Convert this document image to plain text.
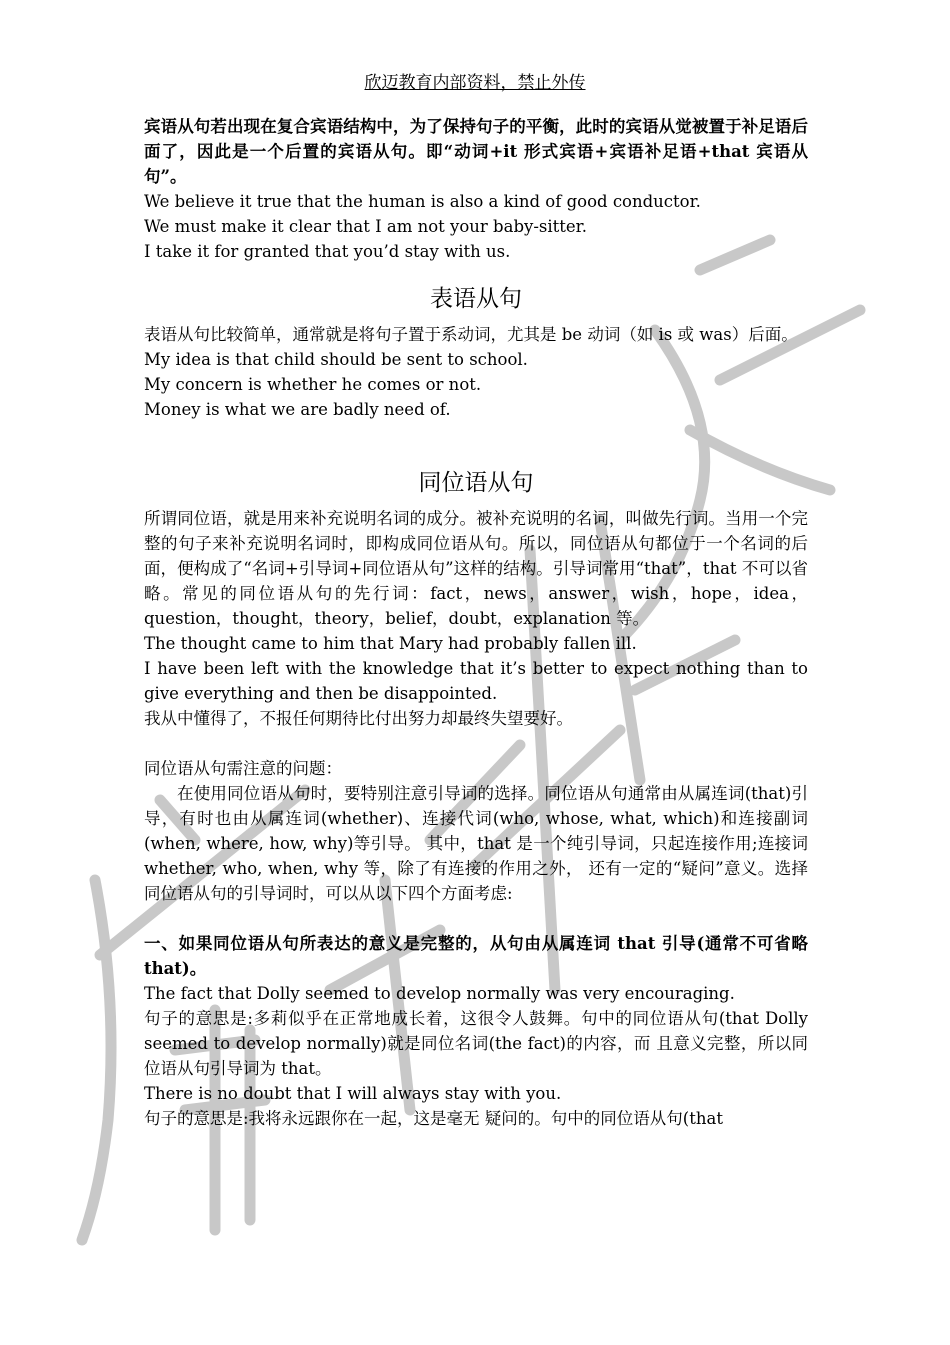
欣迈教育内部资料，禁止外传

宾语从句若出现在复合宾语结构中，为了保持句子的平衡，此时的宾语从觉被置于补足语后面了，因此是一个后置的宾语从句。即“动词+it 形式宾语+宾语补足语+that 宾语从句”。

We believe it true that the human is also a kind of good conductor.

We must make it clear that I am not your baby-sitter.

I take it for granted that you’d stay with us.

表语从句

表语从句比较简单，通常就是将句子置于系动词，尤其是 be 动词（如 is 或 was）后面。

My idea is that child should be sent to school.

My concern is whether he comes or not.

Money is what we are badly need of.

同位语从句

所谓同位语，就是用来补充说明名词的成分。被补充说明的名词，叫做先行词。当用一个完整的句子来补充说明名词时，即构成同位语从句。所以，同位语从句都位于一个名词的后面，便构成了“名词+引导词+同位语从句”这样的结构。引导词常用“that”，that 不可以省略。常见的同位语从句的先行词：fact，news，answer，wish，hope，idea，question，thought，theory，belief，doubt，explanation 等。

The thought came to him that Mary had probably fallen ill.

I have been left with the knowledge that it’s better to expect nothing than to give everything and then be disappointed.

我从中懂得了，不报任何期待比付出努力却最终失望要好。

同位语从句需注意的问题：

在使用同位语从句时，要特别注意引导词的选择。同位语从句通常由从属连词(that)引导，有时也由从属连词(whether)、连接代词(who, whose, what, which)和连接副词(when, where, how, why)等引导。 其中，that 是一个纯引导词，只起连接作用;连接词 whether, who, when, why 等，除了有连接的作用之外， 还有一定的“疑问”意义。选择同位语从句的引导词时，可以从以下四个方面考虑:

一、如果同位语从句所表达的意义是完整的，从句由从属连词 that 引导(通常不可省略 that)。

The fact that Dolly seemed to develop normally was very encouraging.

句子的意思是:多莉似乎在正常地成长着，这很令人鼓舞。句中的同位语从句(that Dolly seemed to develop normally)就是同位名词(the fact)的内容，而 且意义完整，所以同位语从句引导词为 that。

There is no doubt that I will always stay with you.

句子的意思是:我将永远跟你在一起，这是毫无 疑问的。句中的同位语从句(that
